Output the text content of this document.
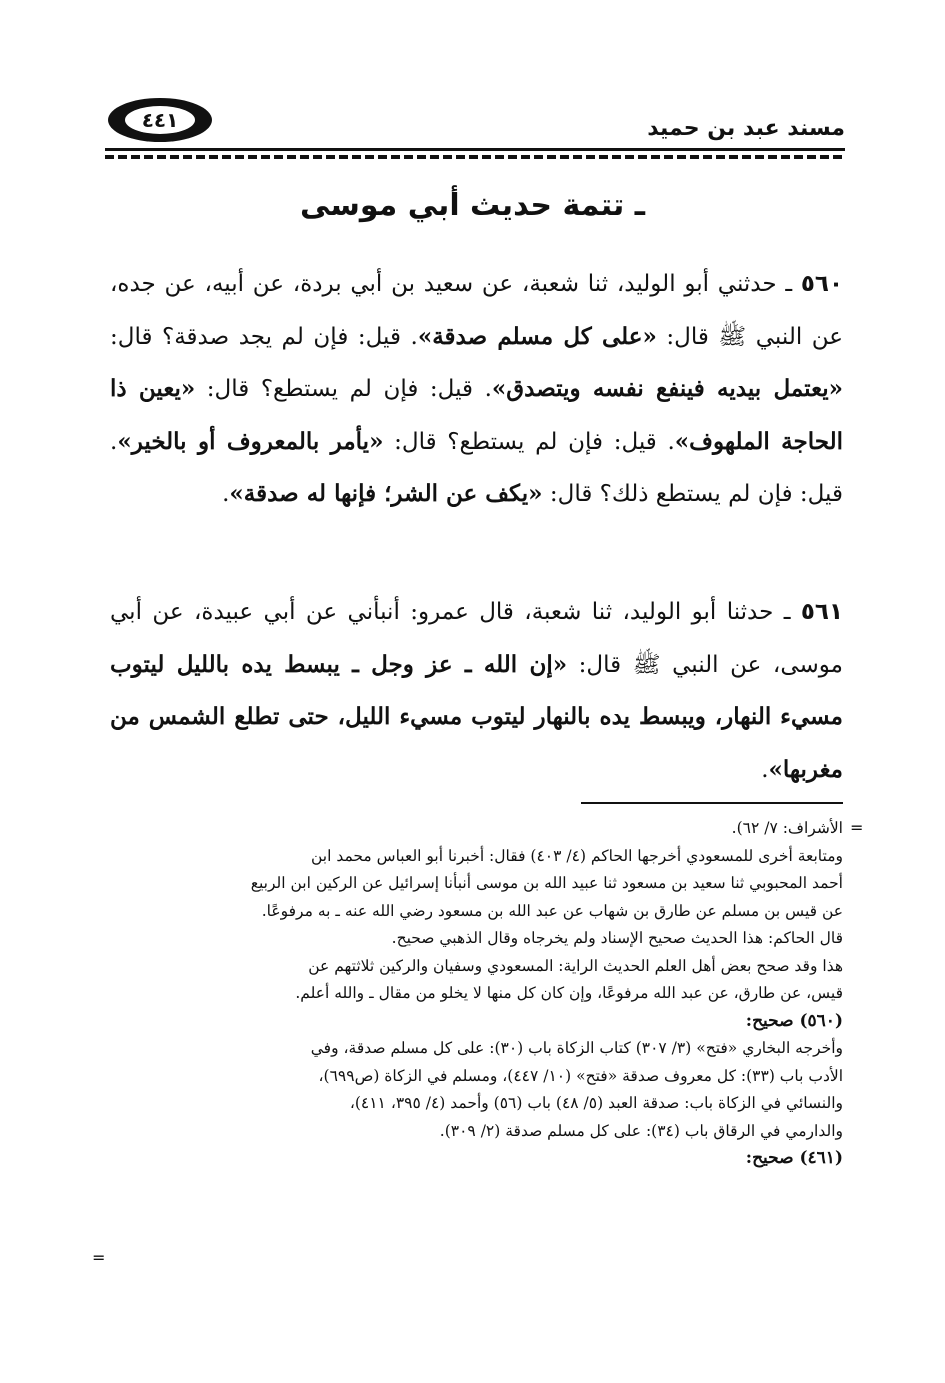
مسند عبد بن حميد
٤٤١
ـ تتمة حديث أبي موسى
٥٦٠ ـ حدثني أبو الوليد، ثنا شعبة، عن سعيد بن أبي بردة، عن أبيه، عن جده، عن النبي ﷺ قال: «على كل مسلم صدقة». قيل: فإن لم يجد صدقة؟ قال: «يعتمل بيديه فينفع نفسه ويتصدق». قيل: فإن لم يستطع؟ قال: «يعين ذا الحاجة الملهوف». قيل: فإن لم يستطع؟ قال: «يأمر بالمعروف أو بالخير». قيل: فإن لم يستطع ذلك؟ قال: «يكف عن الشر؛ فإنها له صدقة».
٥٦١ ـ حدثنا أبو الوليد، ثنا شعبة، قال عمرو: أنبأني عن أبي عبيدة، عن أبي موسى، عن النبي ﷺ قال: «إن الله ـ عز وجل ـ يبسط يده بالليل ليتوب مسيء النهار، ويبسط يده بالنهار ليتوب مسيء الليل، حتى تطلع الشمس من مغربها».
الأشراف: ٧/ ٦٢).
ومتابعة أخرى للمسعودي أخرجها الحاكم (٤/ ٤٠٣) فقال: أخبرنا أبو العباس محمد ابن
أحمد المحبوبي ثنا سعيد بن مسعود ثنا عبيد الله بن موسى أنبأنا إسرائيل عن الركين ابن الربيع
عن قيس بن مسلم عن طارق بن شهاب عن عبد الله بن مسعود رضي الله عنه ـ به مرفوعًا.
قال الحاكم: هذا الحديث صحيح الإسناد ولم يخرجاه وقال الذهبي صحيح.
هذا وقد صحح بعض أهل العلم الحديث الراية: المسعودي وسفيان والركين ثلاثتهم عن
قيس، عن طارق، عن عبد الله مرفوعًا، وإن كان كل منها لا يخلو من مقال ـ والله أعلم.
(٥٦٠) صحيح:
وأخرجه البخاري «فتح» (٣/ ٣٠٧) كتاب الزكاة باب (٣٠): على كل مسلم صدقة، وفي
الأدب باب (٣٣): كل معروف صدقة «فتح» (١٠/ ٤٤٧)، ومسلم في الزكاة (ص٦٩٩)،
والنسائي في الزكاة باب: صدقة العبد (٥/ ٤٨) باب (٥٦) وأحمد (٤/ ٣٩٥، ٤١١)،
والدارمي في الرقاق باب (٣٤): على كل مسلم صدقة (٢/ ٣٠٩).
(٤٦١) صحيح:
=
=
